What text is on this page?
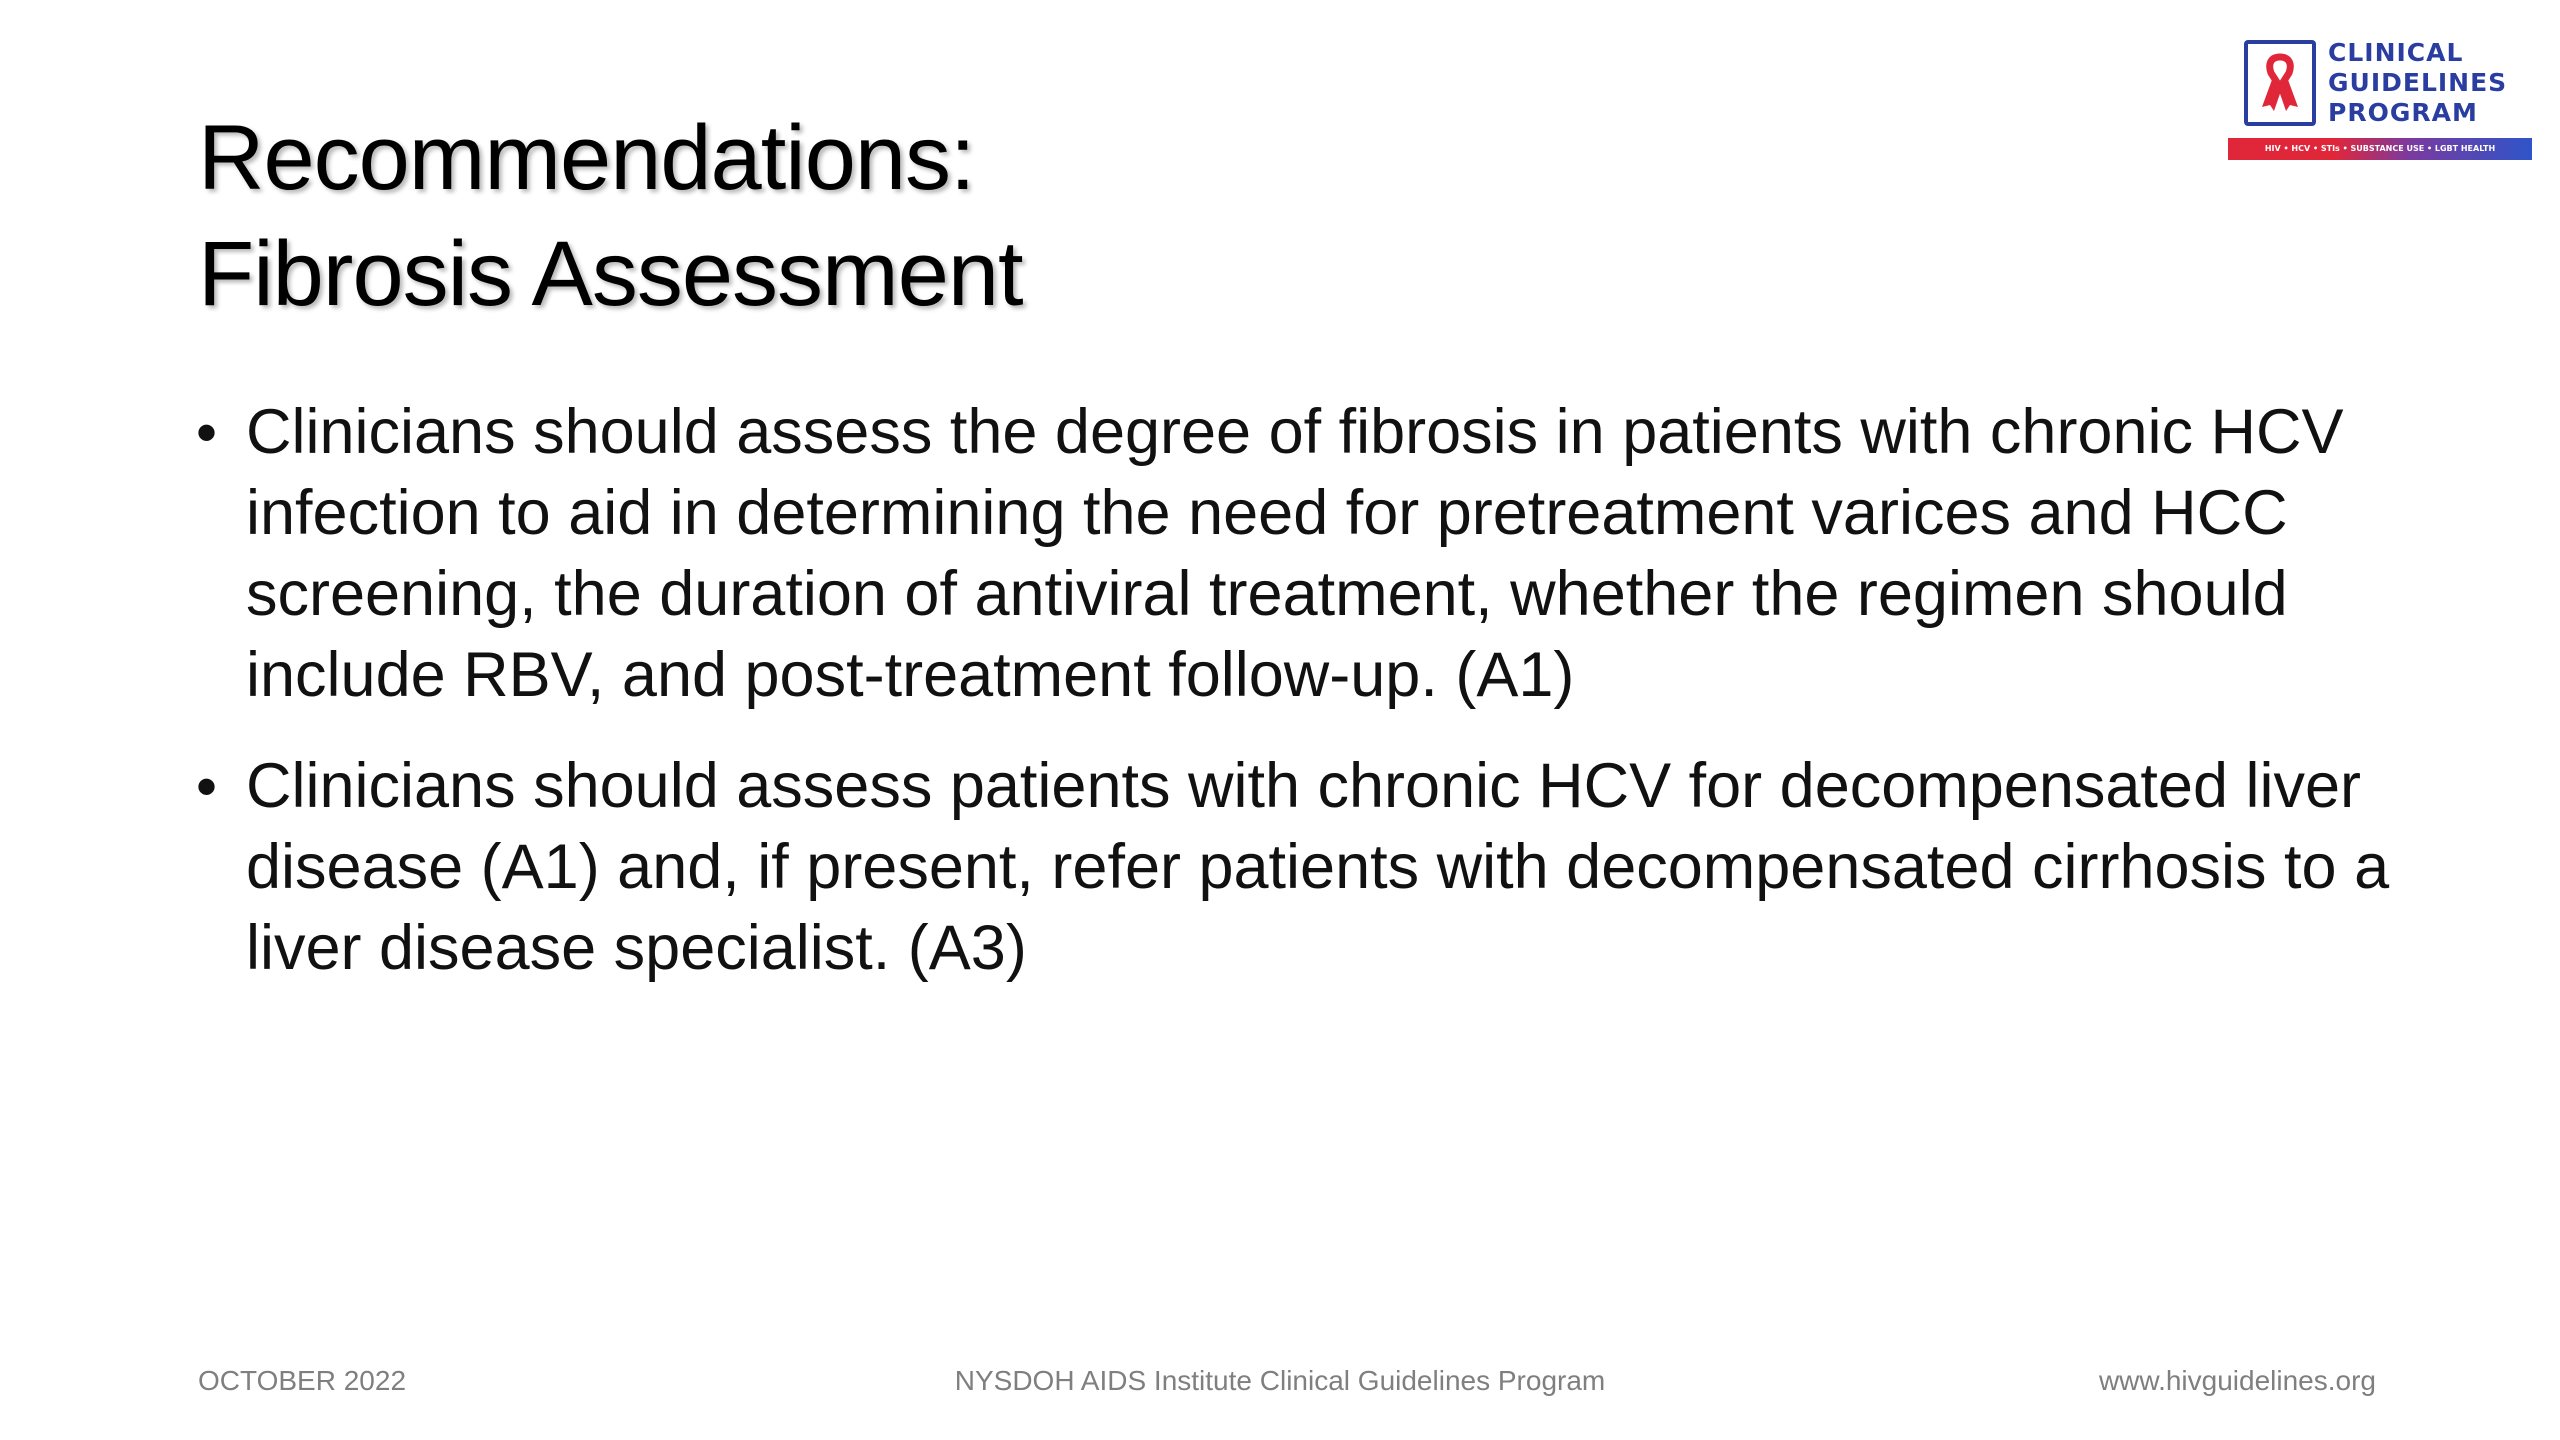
Recommendations:
Fibrosis Assessment
• Clinicians should assess the degree of fibrosis in patients with chronic HCV infection to aid in determining the need for pretreatment varices and HCC screening, the duration of antiviral treatment, whether the regimen should include RBV, and post-treatment follow-up. (A1)
• Clinicians should assess patients with chronic HCV for decompensated liver disease (A1) and, if present, refer patients with decompensated cirrhosis to a liver disease specialist. (A3)
CLINICAL
GUIDELINES
PROGRAM
HIV • HCV • STIs • SUBSTANCE USE • LGBT HEALTH
OCTOBER 2022	NYSDOH AIDS Institute Clinical Guidelines Program	www.hivguidelines.org
